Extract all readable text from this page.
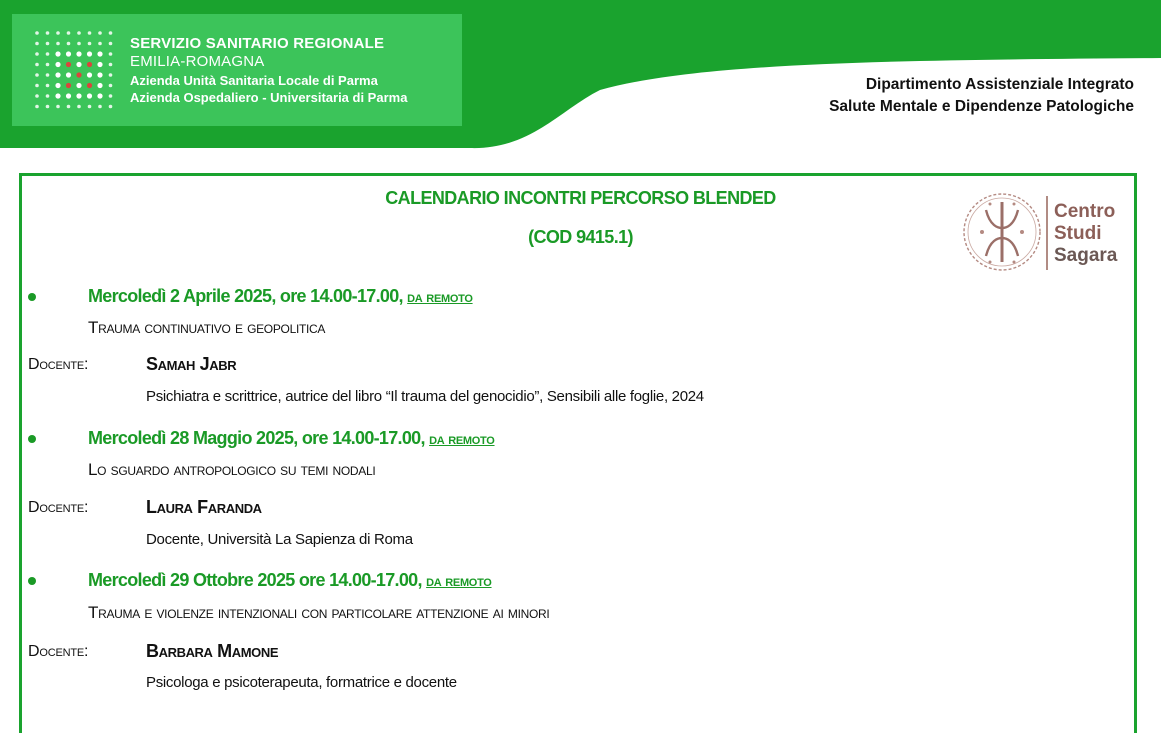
SERVIZIO SANITARIO REGIONALE
EMILIA-ROMAGNA
Azienda Unità Sanitaria Locale di Parma
Azienda Ospedaliero - Universitaria di Parma
Dipartimento Assistenziale Integrato
Salute Mentale e Dipendenze Patologiche
CALENDARIO INCONTRI PERCORSO BLENDED
(COD 9415.1)
Centro
Studi
Sagara
Mercoledì 2 Aprile 2025, ore 14.00-17.00, da remoto
Trauma continuativo e geopolitica
Docente:	Samah Jabr
Psichiatra e scrittrice, autrice del libro “Il trauma del genocidio”, Sensibili alle foglie, 2024
Mercoledì 28 Maggio 2025, ore 14.00-17.00, da remoto
Lo sguardo antropologico su temi nodali
Docente:	Laura Faranda
Docente, Università La Sapienza di Roma
Mercoledì 29 Ottobre 2025 ore 14.00-17.00, da remoto
Trauma e violenze intenzionali con particolare attenzione ai minori
Docente:	Barbara Mamone
Psicologa e psicoterapeuta, formatrice e docente
